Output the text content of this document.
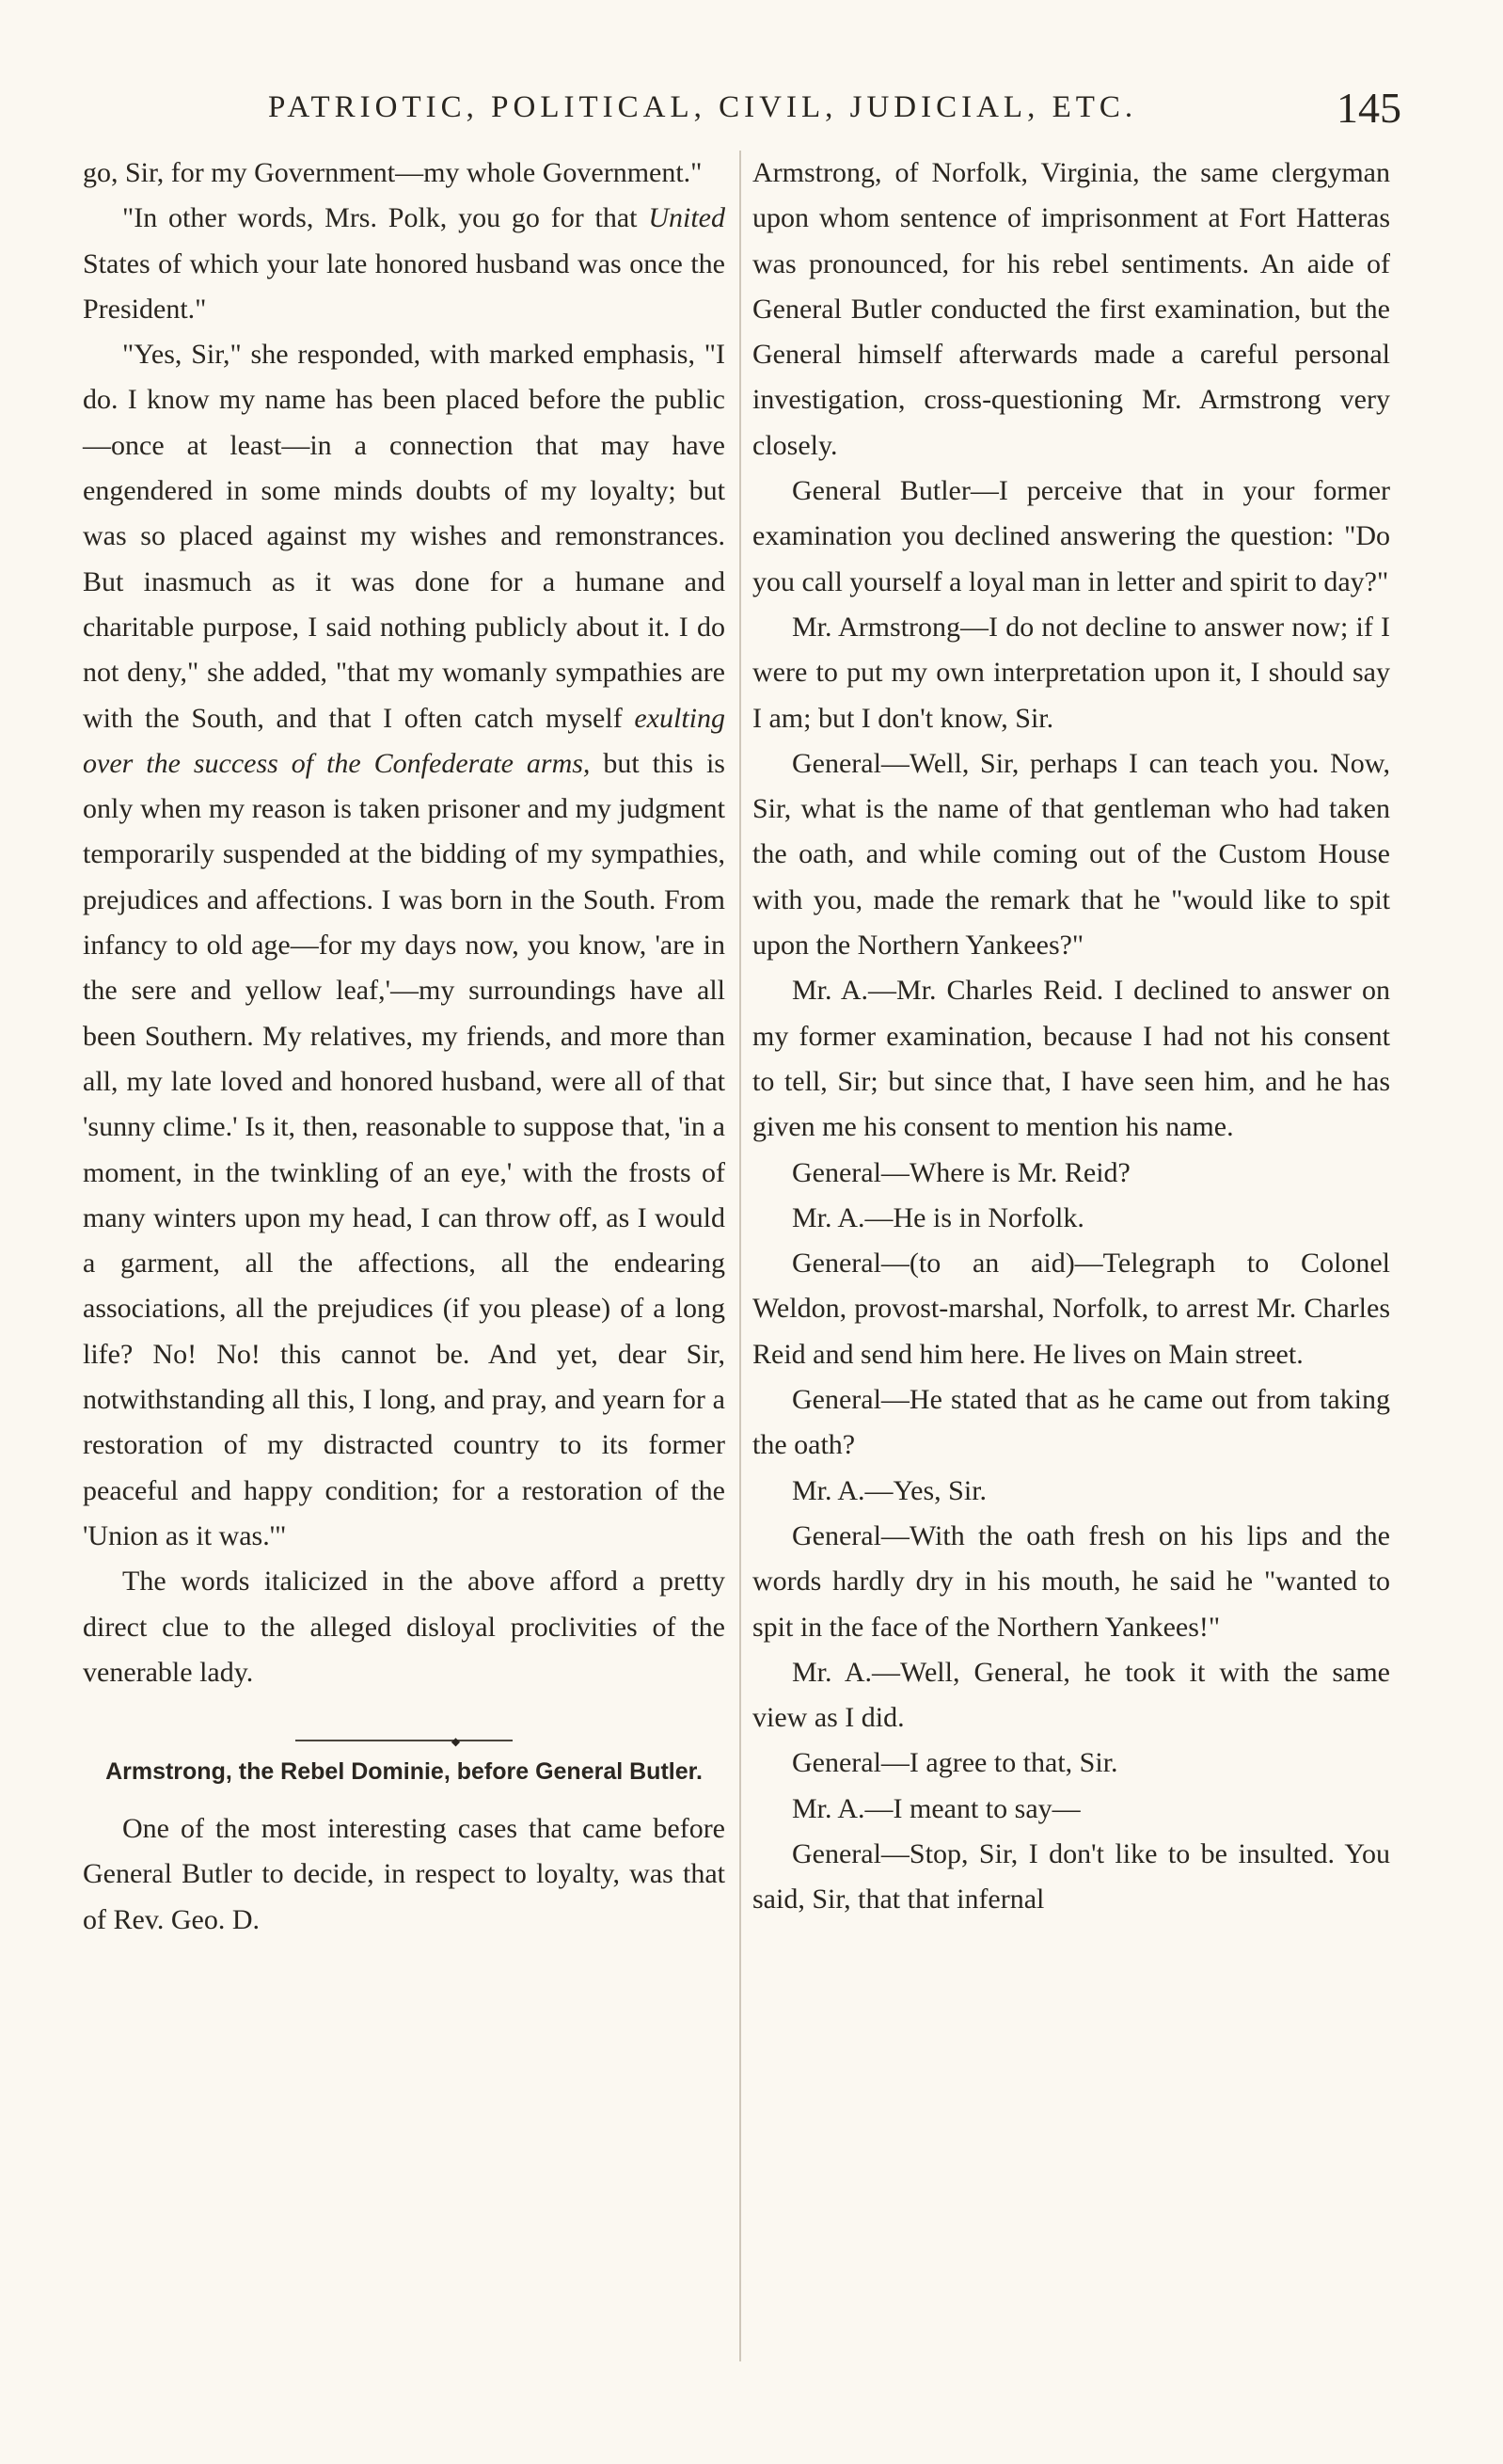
PATRIOTIC, POLITICAL, CIVIL, JUDICIAL, ETC.	145

go, Sir, for my Government—my whole Government."

"In other words, Mrs. Polk, you go for that United States of which your late honored husband was once the President."

"Yes, Sir," she responded, with marked emphasis, "I do. I know my name has been placed before the public—once at least—in a connection that may have engendered in some minds doubts of my loyalty; but was so placed against my wishes and remonstrances. But inasmuch as it was done for a humane and charitable purpose, I said nothing publicly about it. I do not deny," she added, "that my womanly sympathies are with the South, and that I often catch myself exulting over the success of the Confederate arms, but this is only when my reason is taken prisoner and my judgment temporarily suspended at the bidding of my sympathies, prejudices and affections. I was born in the South. From infancy to old age—for my days now, you know, 'are in the sere and yellow leaf,'—my surroundings have all been Southern. My relatives, my friends, and more than all, my late loved and honored husband, were all of that 'sunny clime.' Is it, then, reasonable to suppose that, 'in a moment, in the twinkling of an eye,' with the frosts of many winters upon my head, I can throw off, as I would a garment, all the affections, all the endearing associations, all the prejudices (if you please) of a long life? No! No! this cannot be. And yet, dear Sir, notwithstanding all this, I long, and pray, and yearn for a restoration of my distracted country to its former peaceful and happy condition; for a restoration of the 'Union as it was.'"

The words italicized in the above afford a pretty direct clue to the alleged disloyal proclivities of the venerable lady.

◆
Armstrong, the Rebel Dominie, before General Butler.

One of the most interesting cases that came before General Butler to decide, in respect to loyalty, was that of Rev. Geo. D.

Armstrong, of Norfolk, Virginia, the same clergyman upon whom sentence of imprisonment at Fort Hatteras was pronounced, for his rebel sentiments. An aide of General Butler conducted the first examination, but the General himself afterwards made a careful personal investigation, cross-questioning Mr. Armstrong very closely.

General Butler—I perceive that in your former examination you declined answering the question: "Do you call yourself a loyal man in letter and spirit to day?"

Mr. Armstrong—I do not decline to answer now; if I were to put my own interpretation upon it, I should say I am; but I don't know, Sir.

General—Well, Sir, perhaps I can teach you. Now, Sir, what is the name of that gentleman who had taken the oath, and while coming out of the Custom House with you, made the remark that he "would like to spit upon the Northern Yankees?"

Mr. A.—Mr. Charles Reid. I declined to answer on my former examination, because I had not his consent to tell, Sir; but since that, I have seen him, and he has given me his consent to mention his name.

General—Where is Mr. Reid?

Mr. A.—He is in Norfolk.

General—(to an aid)—Telegraph to Colonel Weldon, provost-marshal, Norfolk, to arrest Mr. Charles Reid and send him here. He lives on Main street.

General—He stated that as he came out from taking the oath?

Mr. A.—Yes, Sir.

General—With the oath fresh on his lips and the words hardly dry in his mouth, he said he "wanted to spit in the face of the Northern Yankees!"

Mr. A.—Well, General, he took it with the same view as I did.

General—I agree to that, Sir.

Mr. A.—I meant to say—

General—Stop, Sir, I don't like to be insulted. You said, Sir, that that infernal
